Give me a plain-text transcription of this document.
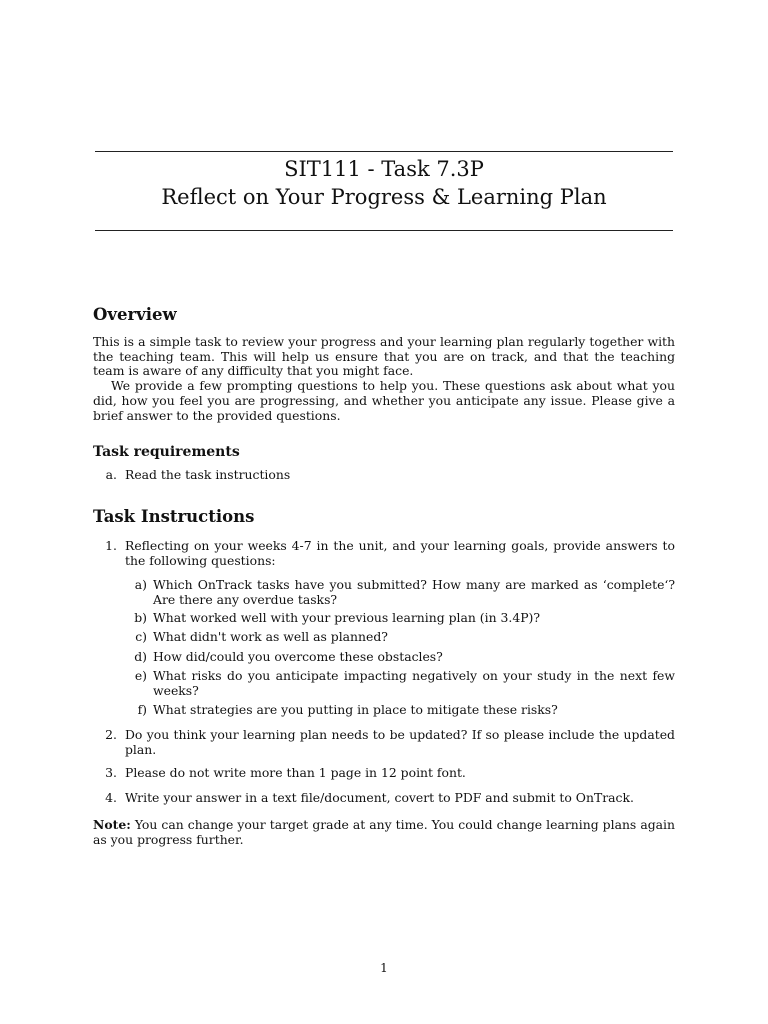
SIT111 - Task 7.3P
Reflect on Your Progress & Learning Plan
Overview

This is a simple task to review your progress and your learning plan regularly together with the teaching team. This will help us ensure that you are on track, and that the teaching team is aware of any difficulty that you might face.

We provide a few prompting questions to help you. These questions ask about what you did, how you feel you are progressing, and whether you anticipate any issue. Please give a brief answer to the provided questions.

Task requirements
a. Read the task instructions
Task Instructions
1. Reflecting on your weeks 4-7 in the unit, and your learning goals, provide answers to the following questions:
a) Which OnTrack tasks have you submitted? How many are marked as ‘complete‘? Are there any overdue tasks?
b) What worked well with your previous learning plan (in 3.4P)?
c) What didn't work as well as planned?
d) How did/could you overcome these obstacles?
e) What risks do you anticipate impacting negatively on your study in the next few weeks?
f) What strategies are you putting in place to mitigate these risks?
2. Do you think your learning plan needs to be updated? If so please include the updated plan.
3. Please do not write more than 1 page in 12 point font.
4. Write your answer in a text file/document, covert to PDF and submit to OnTrack.

Note: You can change your target grade at any time. You could change learning plans again as you progress further.

1
